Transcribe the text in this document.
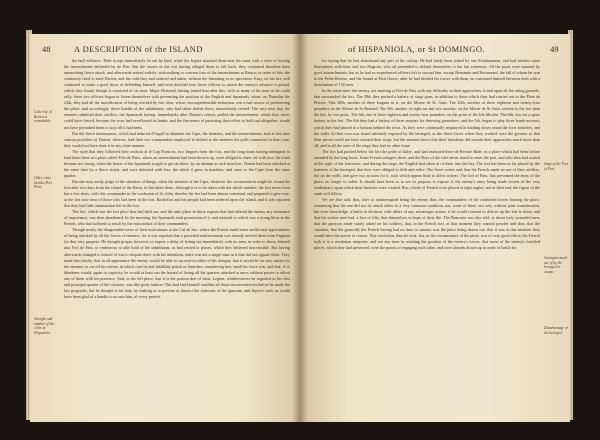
48	A DESCRIPTION of the ISLAND
Little else of Brinea is remarkable.
Other cities besides Port Plate.
Strength and number of the cities of Hispaniola.

the bull wildness. Their troops immediately let out by land, while the frigate attacked them near the sand, with a view of forcing the intrenchment defended by de Pert. But the causes of the fort having obliged them to fall back, they continued therefore their unremitting fierce attack, and afterwards retired orderly, with nothing to concern four of the intrenchment at Brinca; to retire of this, the cautiously fired to send Darien; and the cold they had ordered and taken, without the liberating to its spectators. Easy, on his fire, still continued to make a good show of defending himself, and even directed four fierce officers to attack the enemy's advance it posted, which they found, though it consisted of six men. Major Bertrand, having joined him after this, with as many of his men as he could rally, these two officers began to forme themselves with preventing the position of the English and Spaniards, when, on Thursday the 23th, they had all the mortification of being reached by fire, thus, whose incomprehensible behaviour was a bad source of profiteering the place; and accordingly, these fourths of the inhabitants, who had taken shelter there, immediately retired. The very next day, the enemies admitted their outflow, the Spaniards having, immediately after Darien's retreat, pulled the intrenchment, which they never could have forced, because the river had overflowed its banks, and the fierceness of persisting their effort to hold out altogether, would not have permitted them to stop till it had been.

But the fierce infantrymen, which had induced d'Orgell to abandon the Cape, the batteries, and the intrenchments, had at this time various profitless of Darien; whereas, had their two commanders employed to defend to the enemies the pulls committed to their care, they would not have done it in any other manner.

The style that they followed their outlook at le Cap Francois, two leagues from the fort, and the long boats having attempted to land them there at a place called Pofs de Paris, where an intrenchment had been thrown up, were obliged to sheer off with loss; the wind became too strong, when the hearts of the Spaniards sought to get on shore, by an attempt at such near loss. Darien had been attacked at the same time by a fierce attack, and were defeated with loss, the which it grew in numbers, and came to the Cape from the same quarter.

But one may easily judge of the situation of things, when the enemies of the Cape, whatever the circumstances might be, found the fort after two days from the island of the River, to the tribes there, although it is to be taken with the whole number; the fort never fired but a few shots, with this commander in the confusion of St. John, thereby the fire had been almost continual, and prepared to give way; at the fort now near of those who had been in the fort, Rochefort and his people had been ordered upon the island, and it was reported that they had little ammunition left in the fort.

The fort, which was the last place that had held out, and the only place in those regions that had offered the enemy any resistance of importance, was then abandoned. In the morning, the Spaniards took possession of it, and retained it; which was a strong blow to the French, who had suffered so much by the misconduct of their commanders.

Though nearly the disagreeable news of their misfortunes at the Cul de Sac, where the French made some ineffectual opportunities of being attacked by all the forces of enemies, for it was reported that a powerful reinforcement was already arrived there from England for that very purpose. He thought proper, however, to expect a delay of letting out immediately with no men, in order to throw himself into Fort de Paix, or endeavour to take hold of the inhabitants, as had retired to places, which they believed inaccessible. But having afterwards changed a council of war to enquire there with his intentions, there was not a single man in it that did not oppose them. They made him fortify, that in all appearance the enemy would be able to succeed in either of his designs; that it would be an easy matter for the enemies to cut off his retreat, in which case he and infallibly perish or famishes, considering how small his force was, and that, if so blindness would, again in captivity, he would at least run the hazard of losing all his quarters attacked at once, without power to afford any of them with his presence. And, to the left place, that it is the portion that of what, Legion, whithersoever he regarded as his first and principal quarter of the colonies, was like great fashion. This had laid himself smallest all those inconveniencies before he made the last proposals, but he thought it his duty, by making as to prevent or distract the clamours of the ignorant, and deprive such, as would have been glad of a handle to accuse him, of every pretext

of HISPANIOLA, or St DOMINGO.	49
Siege of the Fort of Paix.
Stratagem made use of by the besieged to escape.
Disadvantage of the besieged.

for faying that he had abandoned any part of his colony. He had lately been joined by one Fontbaumont, and had besides some Buccaneers with him, and two Negroes, who all pretended to defend themselves to the last extremity. All the posts were manned by good intrenchments; but as he had so experienced officers left to second him, except Bernando and Boisrenard, the fall of whom he sent to the Petite Riviere, and the Sound at Petit Goave, after he had divided his forces with them, he continued himself between both with a detachment of 150 men.

In the mean time, the enemy, not meeting at Port de Paix with any difficulty in their approaches, found upon all the ruling grounds, that surrounded the fort. The 28th they pushed a battery of siege guns, in addition to those which they had carried out to the Plate de Pierres. This 28th, another of three leagues in it, on the Morne de St. Gain. The 20th, another of three eighteen and twenty-four pounders on the Morne de St Bernard. The 8th, another of eight on and two mortars, on the Morne de St Gain, sixteen to the fort than the left, by two posts. The 6th, one of three eighteen and twenty-four pounders, on the point of the Isle Moulin. The 8th, two for a spare battery to the fort. The 6th they had a battery of three mortars for throwing grenadoes; and the 5th, began to play three bomb mortars, which they had placed in a bottom behind the town. As they were continually employed in battling down round the forts batteries, and the walls of their own was found infinitely exposed by the besieged, as the three forces where they worked were the greatest so that their pieces could not have resisted their stops, but the enemies knew that their battalions did sustain their approaches much more than all; and in all the state of the siege they had no other hope.

The fort had pushed below the fort the pride of Italee, and had anchored there de Rivaire Bade, in a place which had been before attended by the long boats. Some French refugees there, and the Bays of the isles never dared to enter the port, and who then had waited at the sight of the fortresses; and during the siege, the English had taken at of them into the bay. The fort has been so far placed by the batteries of the besieged, that they were obliged to shift and refire. The Sawe writes and, that the French made no use of their artillery, but on the walls, and gave two accions for it, such which appear little to affect writers. The fort of Paix, that prevented the entry of the place, no longer to suffer. It should have been so to see its purpose to expose it, the enemy's army being made sweets of the very evidentiary, upon which their batteries were created. But, a body of French were placed at right angles, and at their end, the rigour of the earth will follow.

We are also told, that, after so uninterrupted being the enemy thus, the commanders of the combined forces hearing the place, wondering that the one did not do attack either to a very common condition, nor, some of these, not only without joint consideration, but even knowledge, a battle in division, with offers of any advantages action, if he would consent to deliver up the fort to them; and that his sickest men had, a foot of fifty, that themselves so hope of their life. The Beauvais was also told, at about forty wounded men; that the garrison made vainly asked on his soldiers, that, in the French fort, at that moment they wanted powder and shot, that the situation, that the generally the French having had no time to sustain, was the place being drawn out; that it was at that moment they would have the power to retreat. This resolution, thus he took, but, in the circumstance of the pitch, was of very good effect; the French took it to a resolution sanguine, and not any time in reaching the position of the enemy's forces, that some of the enemy's fortified places, which they had preserved, were the points of engaging each other, and were already drawn up in order of battle for
